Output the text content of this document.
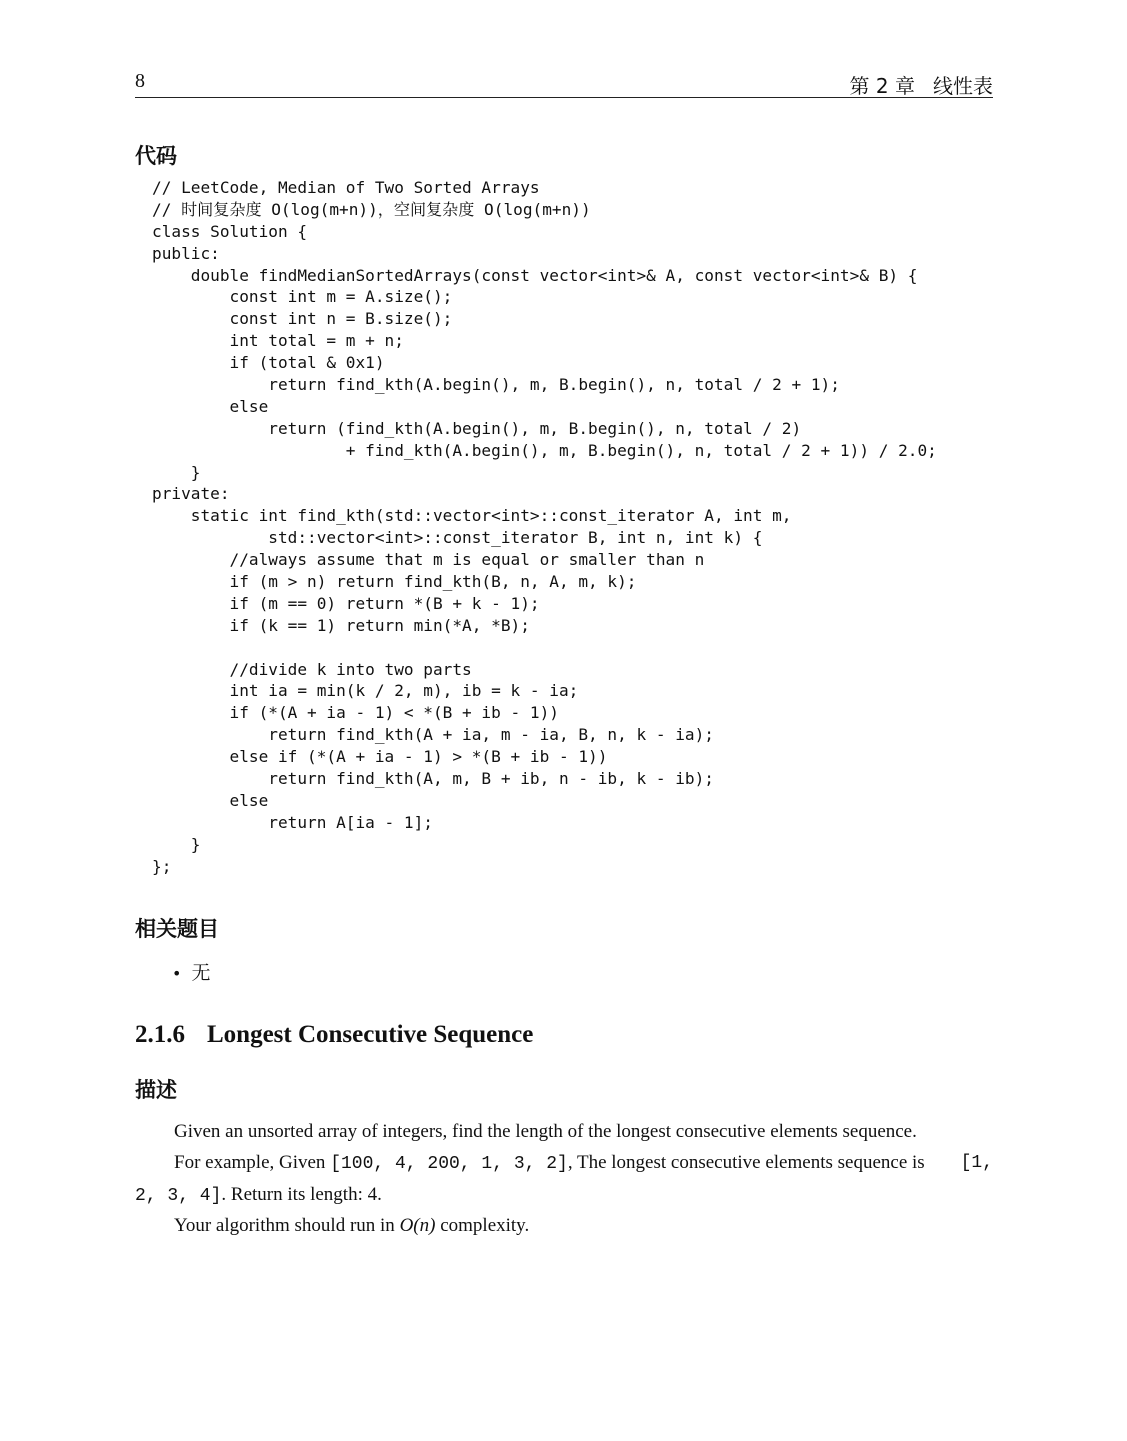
8	第 2 章 线性表
代码
// LeetCode, Median of Two Sorted Arrays
// 时间复杂度 O(log(m+n))，空间复杂度 O(log(m+n))
class Solution {
public:
double findMedianSortedArrays(const vector<int>& A, const vector<int>& B) {
const int m = A.size();
const int n = B.size();
int total = m + n;
if (total & 0x1)
return find_kth(A.begin(), m, B.begin(), n, total / 2 + 1);
else
return (find_kth(A.begin(), m, B.begin(), n, total / 2)
+ find_kth(A.begin(), m, B.begin(), n, total / 2 + 1)) / 2.0;
}
private:
static int find_kth(std::vector<int>::const_iterator A, int m,
std::vector<int>::const_iterator B, int n, int k) {
//always assume that m is equal or smaller than n
if (m > n) return find_kth(B, n, A, m, k);
if (m == 0) return *(B + k - 1);
if (k == 1) return min(*A, *B);
//divide k into two parts
int ia = min(k / 2, m), ib = k - ia;
if (*(A + ia - 1) < *(B + ib - 1))
return find_kth(A + ia, m - ia, B, n, k - ia);
else if (*(A + ia - 1) > *(B + ib - 1))
return find_kth(A, m, B + ib, n - ib, k - ib);
else
return A[ia - 1];
}
};
相关题目
• 无
2.1.6 Longest Consecutive Sequence
描述
Given an unsorted array of integers, find the length of the longest consecutive elements sequence.
For example, Given [100, 4, 200, 1, 3, 2], The longest consecutive elements sequence is [1,
2, 3, 4]. Return its length: 4.
Your algorithm should run in O(n) complexity.
